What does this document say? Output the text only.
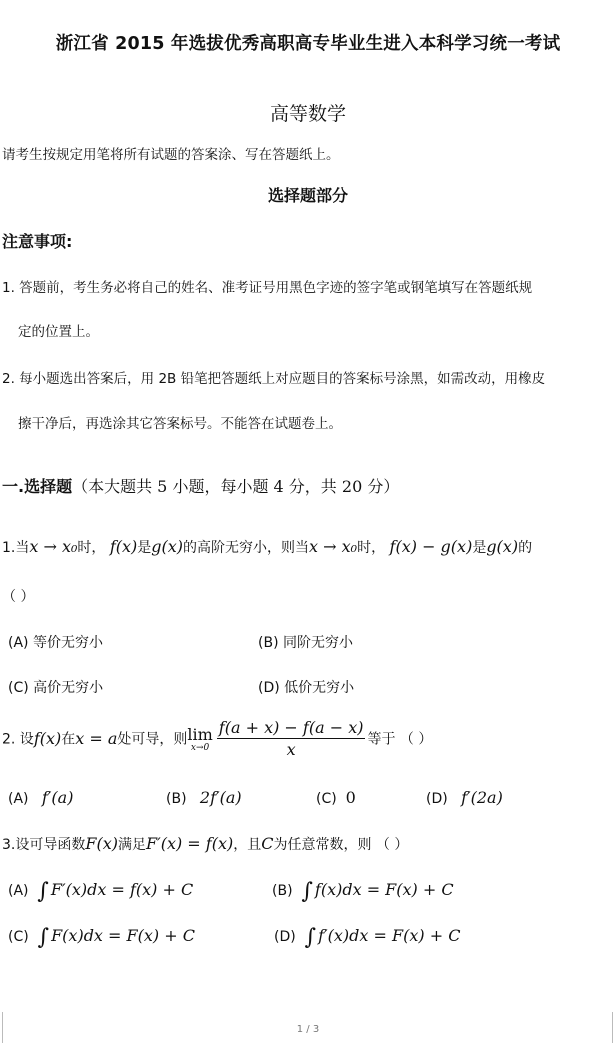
浙江省 2015 年选拔优秀高职高专毕业生进入本科学习统一考试
高等数学
请考生按规定用笔将所有试题的答案涂、写在答题纸上。
选择题部分
注意事项:
1. 答题前，考生务必将自己的姓名、准考证号用黑色字迹的签字笔或钢笔填写在答题纸规
定的位置上。
2. 每小题选出答案后，用 2B 铅笔把答题纸上对应题目的答案标号涂黑，如需改动，用橡皮
擦干净后，再选涂其它答案标号。不能答在试题卷上。
一.选择题（本大题共 5 小题，每小题 4 分，共 20 分）
1.当x → x₀时， f(x)是g(x)的高阶无穷小，则当x → x₀时， f(x) − g(x)是g(x)的
（ ）
(A) 等价无穷小	(B) 同阶无穷小
(C) 高价无穷小	(D) 低价无穷小
2. 设f(x)在x = a处可导，则 lim
$x\to 0 \frac{f(a + x) - f(a - x)}{x}$ 等于 （ ）
(A) f′(a)	(B) 2f′(a)	(C) 0	(D) f′(2a)
3.设可导函数F(x)满足F′(x) = f(x)，且C为任意常数，则 （ ）
(A) ∫ F′(x)dx = f(x) + C	(B) ∫ f(x)dx = F(x) + C
(C) ∫ F(x)dx = F(x) + C	(D) ∫ f′(x)dx = F(x) + C
1 / 3
